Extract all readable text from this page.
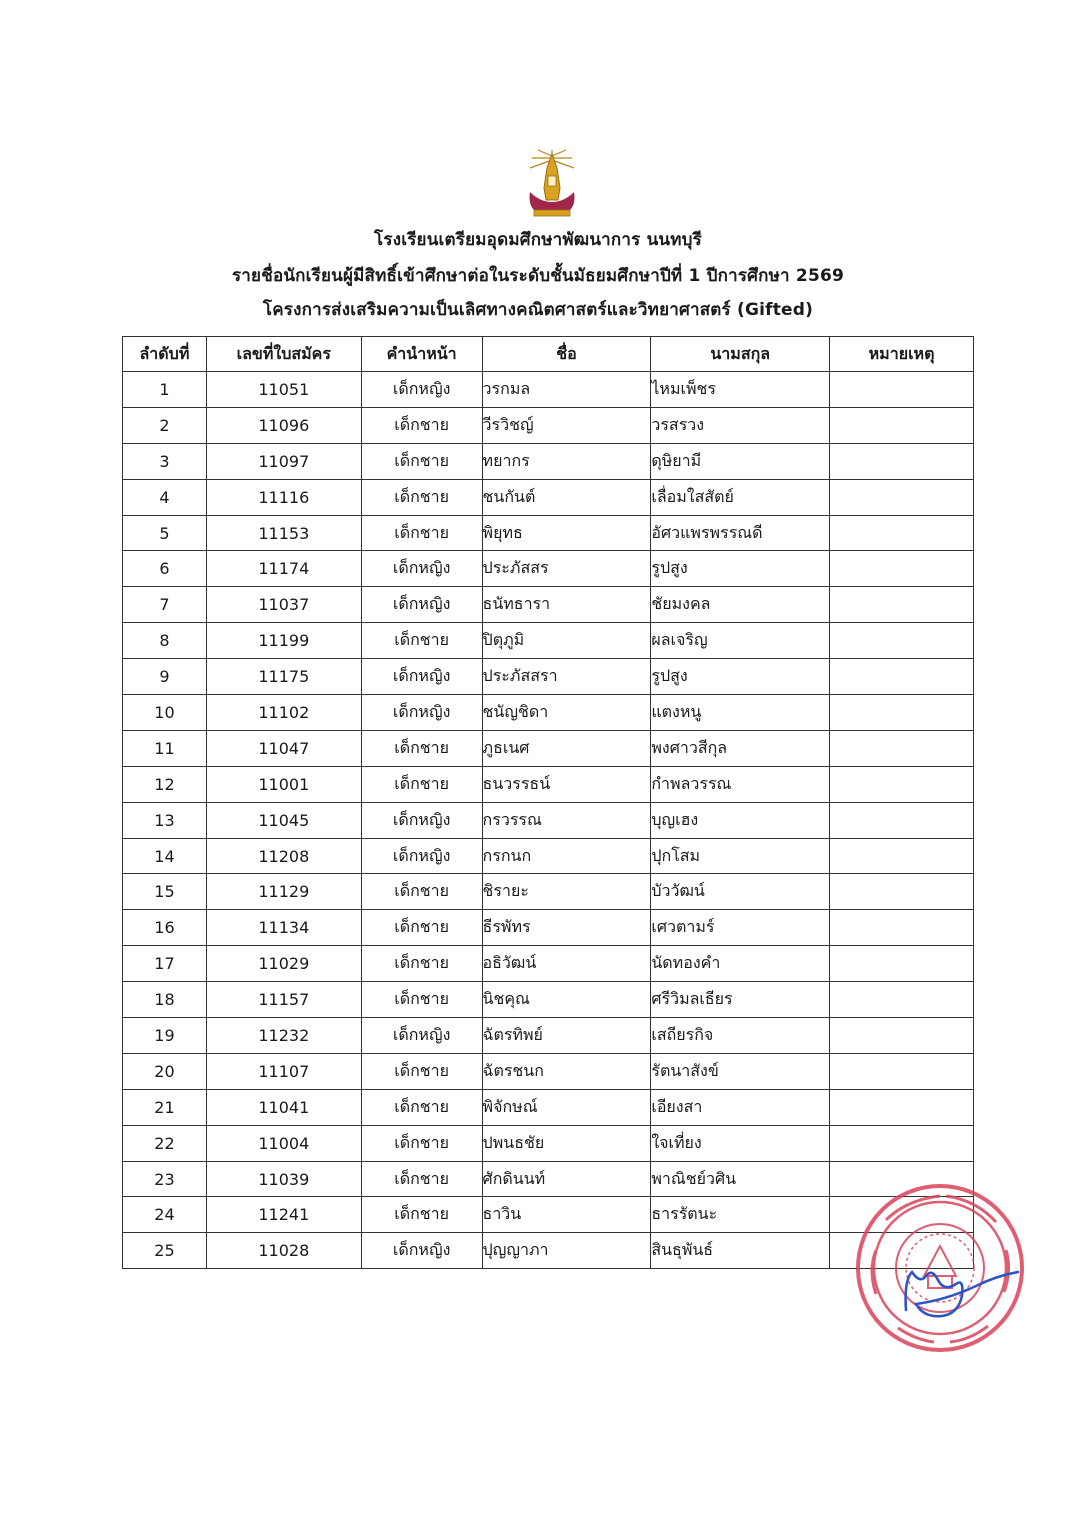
โรงเรียนเตรียมอุดมศึกษาพัฒนาการ นนทบุรี
รายชื่อนักเรียนผู้มีสิทธิ์เข้าศึกษาต่อในระดับชั้นมัธยมศึกษาปีที่ 1 ปีการศึกษา 2569
โครงการส่งเสริมความเป็นเลิศทางคณิตศาสตร์และวิทยาศาสตร์ (Gifted)
ลำดับที่	เลขที่ใบสมัคร	คำนำหน้า	ชื่อ	นามสกุล	หมายเหตุ
1	11051	เด็กหญิง	วรกมล	ไหมเพ็ชร	
2	11096	เด็กชาย	วีรวิชญ์	วรสรวง	
3	11097	เด็กชาย	ทยากร	ดุษิยามี	
4	11116	เด็กชาย	ชนกันต์	เลื่อมใสสัตย์	
5	11153	เด็กชาย	พิยุทธ	อัศวแพรพรรณดี	
6	11174	เด็กหญิง	ประภัสสร	รูปสูง	
7	11037	เด็กหญิง	ธนัทธารา	ชัยมงคล	
8	11199	เด็กชาย	ปิตุภูมิ	ผลเจริญ	
9	11175	เด็กหญิง	ประภัสสรา	รูปสูง	
10	11102	เด็กหญิง	ชนัญชิดา	แตงหนู	
11	11047	เด็กชาย	ภูธเนศ	พงศาวสีกุล	
12	11001	เด็กชาย	ธนวรรธน์	กำพลวรรณ	
13	11045	เด็กหญิง	กรวรรณ	บุญเฮง	
14	11208	เด็กหญิง	กรกนก	ปุกโสม	
15	11129	เด็กชาย	ชิรายะ	บัววัฒน์	
16	11134	เด็กชาย	ธีรพัทร	เศวตามร์	
17	11029	เด็กชาย	อธิวัฒน์	นัดทองคำ	
18	11157	เด็กชาย	นิชคุณ	ศรีวิมลเธียร	
19	11232	เด็กหญิง	ฉัตรทิพย์	เสถียรกิจ	
20	11107	เด็กชาย	ฉัตรชนก	รัตนาสังข์	
21	11041	เด็กชาย	พิจักษณ์	เอียงสา	
22	11004	เด็กชาย	ปพนธชัย	ใจเที่ยง	
23	11039	เด็กชาย	ศักดินนท์	พาณิชย์วศิน	
24	11241	เด็กชาย	ธาวิน	ธารรัตนะ	
25	11028	เด็กหญิง	ปุญญาภา	สินธุพันธ์	
